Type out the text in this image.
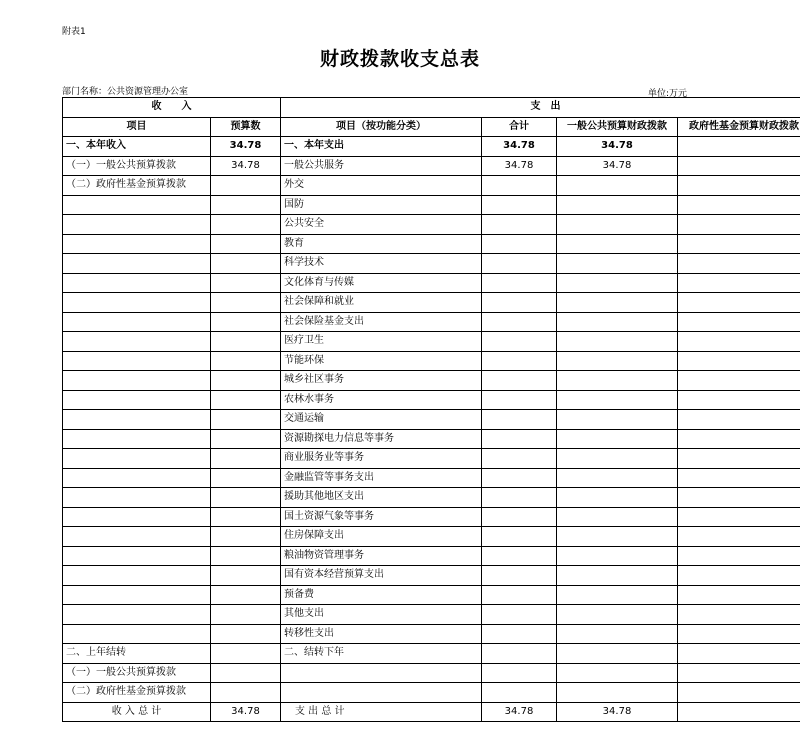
附表1
财政拨款收支总表
部门名称：公共资源管理办公室	单位:万元
收　　入		支　出			
项目	预算数	项目（按功能分类）	合计	一般公共预算财政拨款	政府性基金预算财政拨款
一、本年收入	34.78	一、本年支出	34.78	34.78	
（一）一般公共预算拨款	34.78	一般公共服务	34.78	34.78	
（二）政府性基金预算拨款		外交			
		国防			
		公共安全			
		教育			
		科学技术			
		文化体育与传媒			
		社会保障和就业			
		社会保险基金支出			
		医疗卫生			
		节能环保			
		城乡社区事务			
		农林水事务			
		交通运输			
		资源勘探电力信息等事务			
		商业服务业等事务			
		金融监管等事务支出			
		援助其他地区支出			
		国土资源气象等事务			
		住房保障支出			
		粮油物资管理事务			
		国有资本经营预算支出			
		预备费			
		其他支出			
		转移性支出			
二、上年结转		二、结转下年			
（一）一般公共预算拨款					
（二）政府性基金预算拨款					
收 入 总 计	34.78	支 出 总 计	34.78	34.78	
